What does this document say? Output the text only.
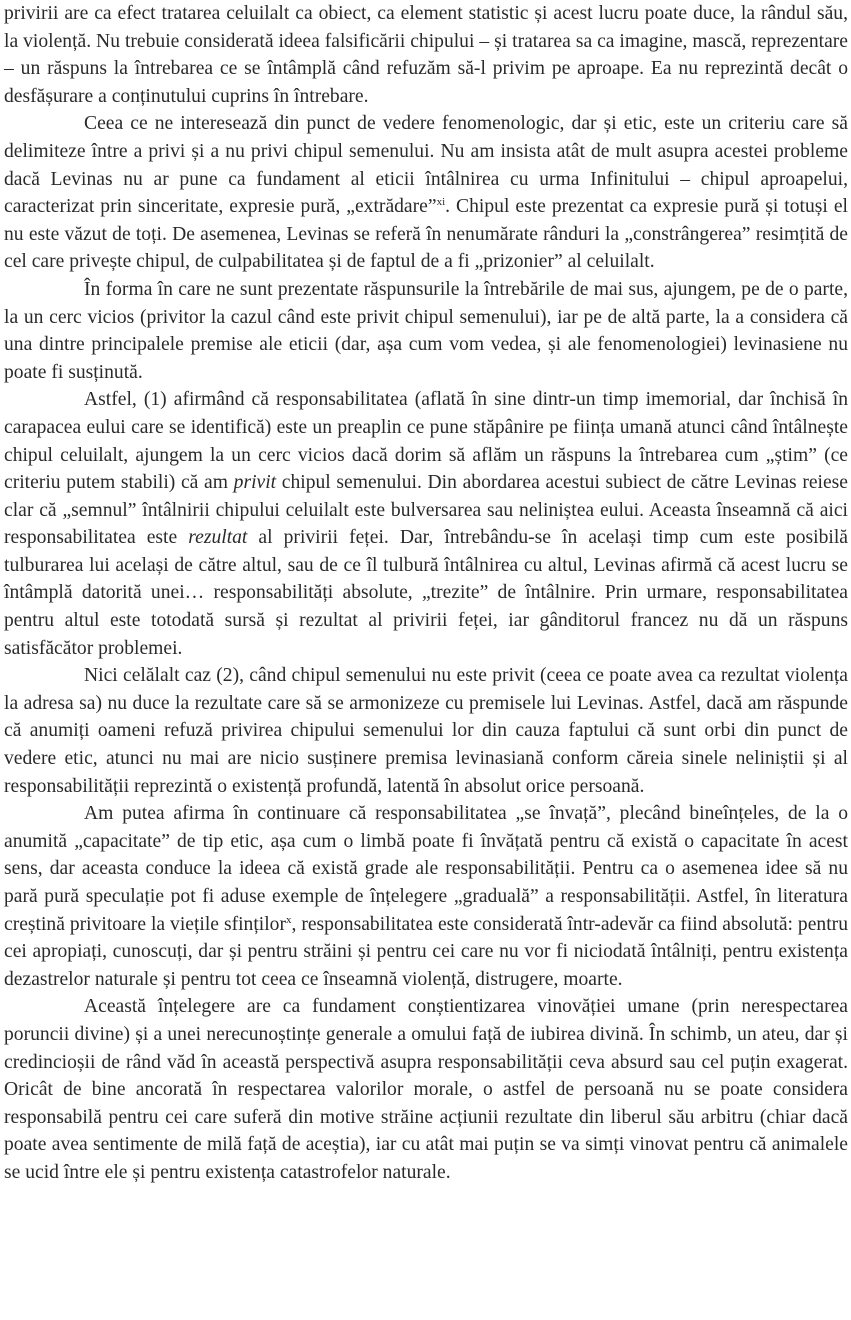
privirii are ca efect tratarea celuilalt ca obiect, ca element statistic și acest lucru poate duce, la rândul său, la violență. Nu trebuie considerată ideea falsificării chipului – și tratarea sa ca imagine, mască, reprezentare – un răspuns la întrebarea ce se întâmplă când refuzăm să-l privim pe aproape. Ea nu reprezintă decât o desfășurare a conținutului cuprins în întrebare.

Ceea ce ne interesează din punct de vedere fenomenologic, dar și etic, este un criteriu care să delimiteze între a privi și a nu privi chipul semenului. Nu am insista atât de mult asupra acestei probleme dacă Levinas nu ar pune ca fundament al eticii întâlnirea cu urma Infinitului – chipul aproapelui, caracterizat prin sinceritate, expresie pură, „extrădare”$^{xi}$. Chipul este prezentat ca expresie pură și totuși el nu este văzut de toți. De asemenea, Levinas se referă în nenumărate rânduri la „constrângerea” resimțită de cel care privește chipul, de culpabilitatea și de faptul de a fi „prizonier” al celuilalt.

În forma în care ne sunt prezentate răspunsurile la întrebările de mai sus, ajungem, pe de o parte, la un cerc vicios (privitor la cazul când este privit chipul semenului), iar pe de altă parte, la a considera că una dintre principalele premise ale eticii (dar, așa cum vom vedea, și ale fenomenologiei) levinasiene nu poate fi susținută.

Astfel, (1) afirmând că responsabilitatea (aflată în sine dintr-un timp imemorial, dar închisă în carapacea eului care se identifică) este un preaplin ce pune stăpânire pe ființa umană atunci când întâlnește chipul celuilalt, ajungem la un cerc vicios dacă dorim să aflăm un răspuns la întrebarea cum „știm” (ce criteriu putem stabili) că am privit chipul semenului. Din abordarea acestui subiect de către Levinas reiese clar că „semnul” întâlnirii chipului celuilalt este bulversarea sau neliniștea eului. Aceasta înseamnă că aici responsabilitatea este rezultat al privirii feței. Dar, întrebându-se în același timp cum este posibilă tulburarea lui același de către altul, sau de ce îl tulbură întâlnirea cu altul, Levinas afirmă că acest lucru se întâmplă datorită unei… responsabilități absolute, „trezite” de întâlnire. Prin urmare, responsabilitatea pentru altul este totodată sursă și rezultat al privirii feței, iar gânditorul francez nu dă un răspuns satisfăcător problemei.

Nici celălalt caz (2), când chipul semenului nu este privit (ceea ce poate avea ca rezultat violența la adresa sa) nu duce la rezultate care să se armonizeze cu premisele lui Levinas. Astfel, dacă am răspunde că anumiți oameni refuză privirea chipului semenului lor din cauza faptului că sunt orbi din punct de vedere etic, atunci nu mai are nicio susținere premisa levinasiană conform căreia sinele neliniștii și al responsabilității reprezintă o existență profundă, latentă în absolut orice persoană.

Am putea afirma în continuare că responsabilitatea „se învață”, plecând bineînțeles, de la o anumită „capacitate” de tip etic, așa cum o limbă poate fi învățată pentru că există o capacitate în acest sens, dar aceasta conduce la ideea că există grade ale responsabilității. Pentru ca o asemenea idee să nu pară pură speculație pot fi aduse exemple de înțelegere „graduală” a responsabilității. Astfel, în literatura creștină privitoare la viețile sfinților$^x$, responsabilitatea este considerată într-adevăr ca fiind absolută: pentru cei apropiați, cunoscuți, dar și pentru străini și pentru cei care nu vor fi niciodată întâlniți, pentru existența dezastrelor naturale și pentru tot ceea ce înseamnă violență, distrugere, moarte.

Această înțelegere are ca fundament conștientizarea vinovăției umane (prin nerespectarea poruncii divine) și a unei nerecunoștințe generale a omului față de iubirea divină. În schimb, un ateu, dar și credincioșii de rând văd în această perspectivă asupra responsabilității ceva absurd sau cel puțin exagerat. Oricât de bine ancorată în respectarea valorilor morale, o astfel de persoană nu se poate considera responsabilă pentru cei care suferă din motive străine acțiunii rezultate din liberul său arbitru (chiar dacă poate avea sentimente de milă față de aceștia), iar cu atât mai puțin se va simți vinovat pentru că animalele se ucid între ele și pentru existența catastrofelor naturale.
